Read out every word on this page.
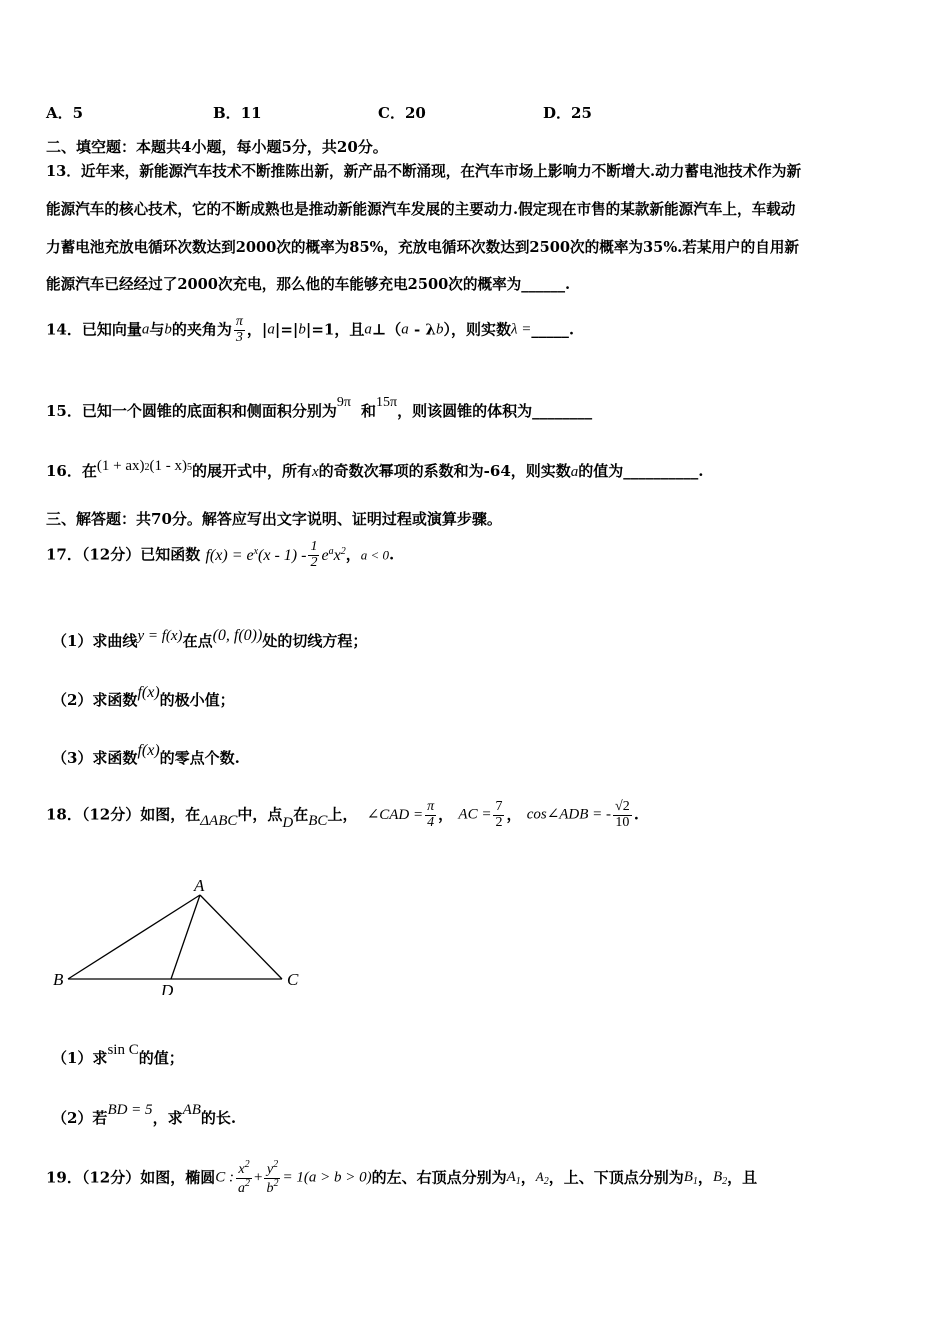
A．5	B．11	C．20	D．25
二、填空题：本题共4小题，每小题5分，共20分。
13．近年来，新能源汽车技术不断推陈出新，新产品不断涌现，在汽车市场上影响力不断增大.动力蓄电池技术作为新
能源汽车的核心技术，它的不断成熟也是推动新能源汽车发展的主要动力.假定现在市售的某款新能源汽车上，车载动
力蓄电池充放电循环次数达到2000次的概率为85%，充放电循环次数达到2500次的概率为35%.若某用户的自用新
能源汽车已经经过了2000次充电，那么他的车能够充电2500次的概率为______.
14．已知向量a与b的夹角为 $\frac{\pi}{3}$ ，|a|=|b|=1，且a⊥（a - λb），则实数λ =_____.
15．已知一个圆锥的底面积和侧面积分别为9π 和15π，则该圆锥的体积为________
16．在(1 + ax)$^2$(1 - x)$^5$的展开式中，所有x的奇数次幂项的系数和为-64，则实数a的值为__________.
三、解答题：共70分。解答应写出文字说明、证明过程或演算步骤。
17．（12分）已知函数 $f(x) = e^x(x - 1) - \frac{1}{2} e^ax^2$，a < 0.
（1）求曲线y = f(x)在点(0, f(0))处的切线方程；
（2）求函数f(x)的极小值；
（3）求函数f(x)的零点个数.
18．（12分）如图，在ΔABC中，点D在BC上， ∠CAD = $\frac{\pi}{4}$ ， AC = $\frac{7}{2}$ ， cos∠ADB = - $\frac{√2}{10}$ .
A
B	C
D
（1）求sin C的值；
（2）若BD = 5，求AB的长.
19．（12分）如图，椭圆C : $\frac{x^2}{a^2} + \frac{y^2}{b^2} = 1(a > b > 0)$的左、右顶点分别为$A_1$，$A_2$，上、下顶点分别为$B_1$，$B_2$，且
